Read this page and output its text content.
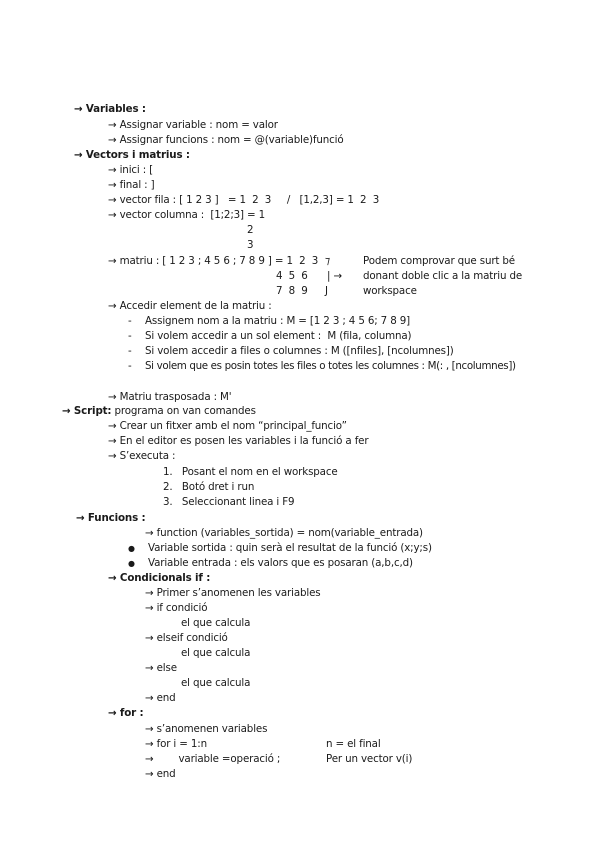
→ Variables :
→ Assignar variable : nom = valor
→ Assignar funcions : nom = @(variable)funció
→ Vectors i matrius :
→ inici : [
→ final : ]
→ vector fila : [ 1 2 3 ]   = 1  2  3     /   [1,2,3] = 1  2  3
→ vector columna :  [1;2;3] = 1
2
3
→ matriu : [ 1 2 3 ; 4 5 6 ; 7 8 9 ] = 1  2  3
4  5  6
7  8  9
⁊
| →
J
Podem comprovar que surt bé
donant doble clic a la matriu de
workspace
→ Accedir element de la matriu :
- Assignem nom a la matriu : M = [1 2 3 ; 4 5 6; 7 8 9]
- Si volem accedir a un sol element :  M (fila, columna)
- Si volem accedir a files o columnes : M ([nfiles], [ncolumnes])
- Si volem que es posin totes les files o totes les columnes : M(: , [ncolumnes])
→ Matriu trasposada : M'
→ Script: programa on van comandes
→ Crear un fitxer amb el nom “principal_funcio”
→ En el editor es posen les variables i la funció a fer
→ S’executa :
1.   Posant el nom en el workspace
2.   Botó dret i run
3.   Seleccionant linea i F9
→ Funcions :
→ function (variables_sortida) = nom(variable_entrada)
● Variable sortida : quin serà el resultat de la funció (x;y;s)
● Variable entrada : els valors que es posaran (a,b,c,d)
→ Condicionals if :
→ Primer s’anomenen les variables
→ if condició
el que calcula
→ elseif condició
el que calcula
→ else
el que calcula
→ end
→ for :
→ s’anomenen variables
→ for i = 1:n	n = el final
→        variable =operació ;	Per un vector v(i)
→ end
